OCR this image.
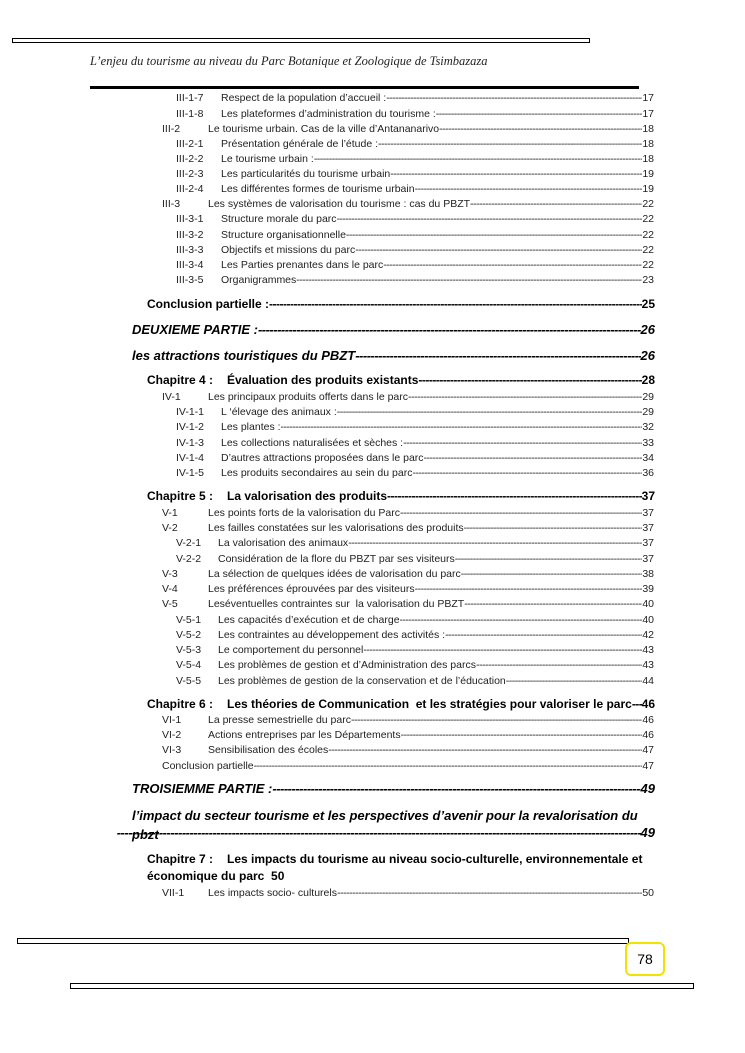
L’enjeu du tourisme au niveau du Parc Botanique et Zoologique de Tsimbazaza
III-1-7	Respect de la population d’accueil : -----	17
III-1-8	Les plateformes d’administration du tourisme : -----	17
III-2	Le tourisme urbain. Cas de la ville d’Antananarivo -----	18
III-2-1	Présentation générale de l’étude : -----	18
III-2-2	Le tourisme urbain : -----	18
III-2-3	Les particularités du tourisme urbain -----	19
III-2-4	Les différentes formes de tourisme urbain -----	19
III-3	Les systèmes de valorisation du tourisme : cas du PBZT -----	22
III-3-1	Structure morale du parc -----	22
III-3-2	Structure organisationnelle -----	22
III-3-3	Objectifs et missions du parc -----	22
III-3-4	Les Parties prenantes dans le parc -----	22
III-3-5	Organigrammes -----	23
Conclusion partielle : -----	25
DEUXIEME PARTIE : -----	26
les attractions touristiques du PBZT -----	26
Chapitre 4 :	Évaluation des produits existants -----	28
IV-1	Les principaux produits offerts dans le parc -----	29
IV-1-1	L ‘élevage des animaux : -----	29
IV-1-2	Les plantes : -----	32
IV-1-3	Les collections naturalisées et sèches : -----	33
IV-1-4	D’autres attractions proposées dans le parc -----	34
IV-1-5	Les produits secondaires au sein du parc -----	36
Chapitre 5 :	La valorisation des produits -----	37
V-1	Les points forts de la valorisation du Parc -----	37
V-2	Les failles constatées sur les valorisations des produits -----	37
V-2-1	La valorisation des animaux -----	37
V-2-2	Considération de la flore du PBZT par ses visiteurs -----	37
V-3	La sélection de quelques idées de valorisation du parc -----	38
V-4	Les préférences éprouvées par des visiteurs -----	39
V-5	Leséventuelles contraintes sur  la valorisation du PBZT -----	40
V-5-1	Les capacités d’exécution et de charge -----	40
V-5-2	Les contraintes au développement des activités : -----	42
V-5-3	Le comportement du personnel -----	43
V-5-4	Les problèmes de gestion et d’Administration des parcs -----	43
V-5-5	Les problèmes de gestion de la conservation et de l’éducation -----	44
Chapitre 6 :	Les théories de Communication  et les stratégies pour valoriser le parc ----- 46
VI-1	La presse semestrielle du parc -----	46
VI-2	Actions entreprises par les Départements -----	46
VI-3	Sensibilisation des écoles -----	47
Conclusion partielle -----	47
TROISIEMME PARTIE : -----	49
l’impact du secteur tourisme et les perspectives d’avenir pour la revalorisation du pbzt -----	49
Chapitre 7 : Les impacts du tourisme au niveau socio-culturelle, environnementale et économique du parc 50
VII-1	Les impacts socio- culturels -----	50
78
